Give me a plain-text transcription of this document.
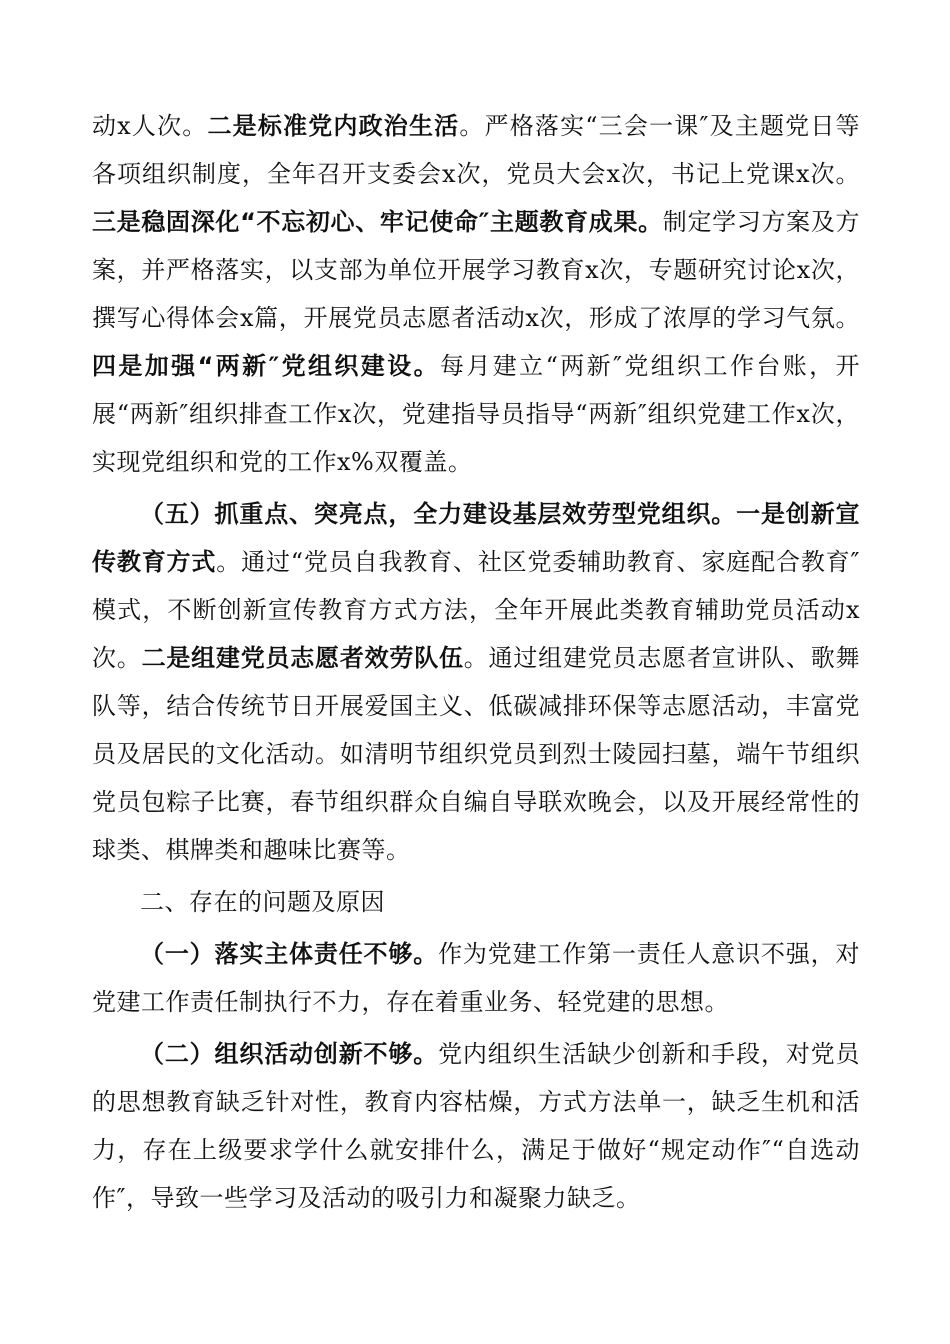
动x人次。二是标准党内政治生活。严格落实“三会一课″及主题党日等各项组织制度，全年召开支委会x次，党员大会x次，书记上党课x次。三是稳固深化“不忘初心、牢记使命″主题教育成果。制定学习方案及方案，并严格落实，以支部为单位开展学习教育x次，专题研究讨论x次，撰写心得体会x篇，开展党员志愿者活动x次，形成了浓厚的学习气氛。四是加强“两新″党组织建设。每月建立“两新″党组织工作台账，开展“两新″组织排查工作x次，党建指导员指导“两新″组织党建工作x次，实现党组织和党的工作x%双覆盖。

（五）抓重点、突亮点，全力建设基层效劳型党组织。一是创新宣传教育方式。通过“党员自我教育、社区党委辅助教育、家庭配合教育″模式，不断创新宣传教育方式方法，全年开展此类教育辅助党员活动x次。二是组建党员志愿者效劳队伍。通过组建党员志愿者宣讲队、歌舞队等，结合传统节日开展爱国主义、低碳减排环保等志愿活动，丰富党员及居民的文化活动。如清明节组织党员到烈士陵园扫墓，端午节组织党员包粽子比赛，春节组织群众自编自导联欢晚会，以及开展经常性的球类、棋牌类和趣味比赛等。

二、存在的问题及原因

（一）落实主体责任不够。作为党建工作第一责任人意识不强，对党建工作责任制执行不力，存在着重业务、轻党建的思想。

（二）组织活动创新不够。党内组织生活缺少创新和手段，对党员的思想教育缺乏针对性，教育内容枯燥，方式方法单一，缺乏生机和活力，存在上级要求学什么就安排什么，满足于做好“规定动作″“自选动作″，导致一些学习及活动的吸引力和凝聚力缺乏。
